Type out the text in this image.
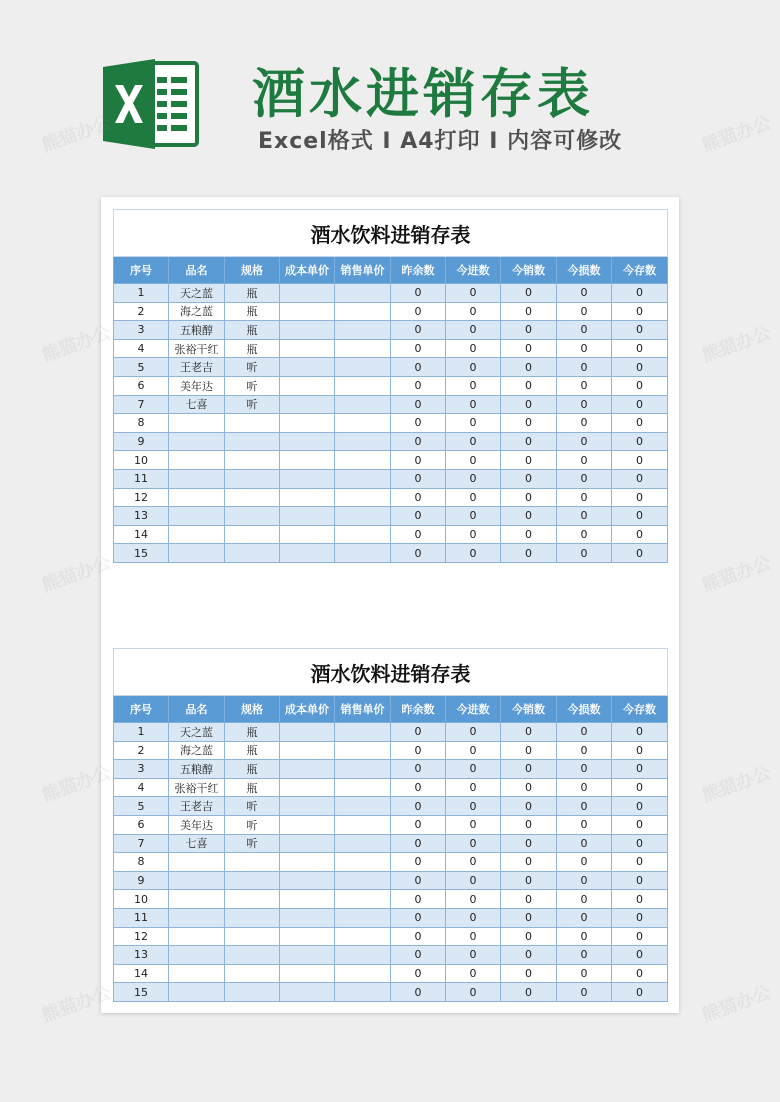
酒水进销存表
Excel格式 I A4打印 I 内容可修改
酒水饮料进销存表									
序号	品名	规格	成本单价	销售单价	昨余数	今进数	今销数	今损数	今存数
1	天之蓝	瓶			0	0	0	0	0
2	海之蓝	瓶			0	0	0	0	0
3	五粮醇	瓶			0	0	0	0	0
4	张裕干红	瓶			0	0	0	0	0
5	王老吉	听			0	0	0	0	0
6	美年达	听			0	0	0	0	0
7	七喜	听			0	0	0	0	0
8					0	0	0	0	0
9					0	0	0	0	0
10					0	0	0	0	0
11					0	0	0	0	0
12					0	0	0	0	0
13					0	0	0	0	0
14					0	0	0	0	0
15					0	0	0	0	0
酒水饮料进销存表									
序号	品名	规格	成本单价	销售单价	昨余数	今进数	今销数	今损数	今存数
1	天之蓝	瓶			0	0	0	0	0
2	海之蓝	瓶			0	0	0	0	0
3	五粮醇	瓶			0	0	0	0	0
4	张裕干红	瓶			0	0	0	0	0
5	王老吉	听			0	0	0	0	0
6	美年达	听			0	0	0	0	0
7	七喜	听			0	0	0	0	0
8					0	0	0	0	0
9					0	0	0	0	0
10					0	0	0	0	0
11					0	0	0	0	0
12					0	0	0	0	0
13					0	0	0	0	0
14					0	0	0	0	0
15					0	0	0	0	0
熊猫办公	熊猫办公
熊猫办公	熊猫办公
熊猫办公	熊猫办公
熊猫办公	熊猫办公
熊猫办公	熊猫办公
